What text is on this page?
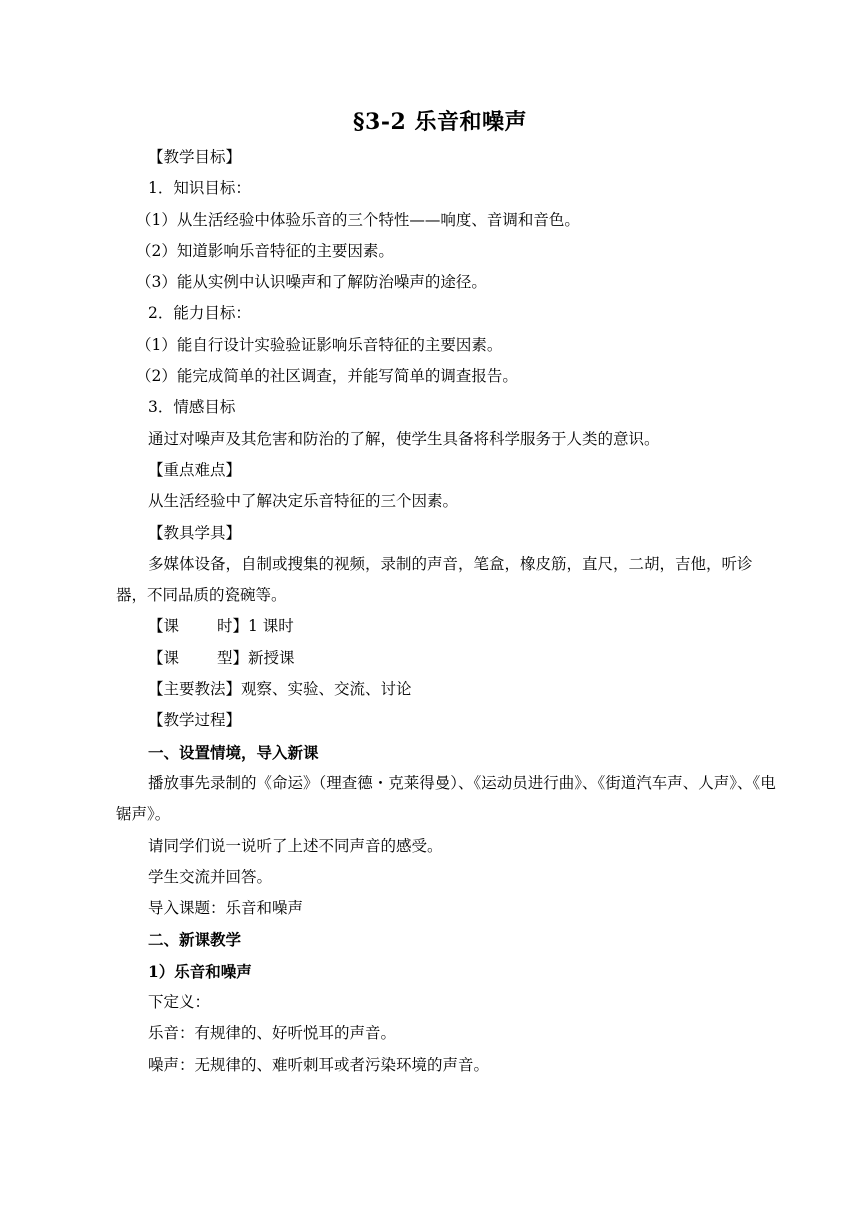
§3-2 乐音和噪声
【教学目标】
1．知识目标：
（1）从生活经验中体验乐音的三个特性——响度、音调和音色。
（2）知道影响乐音特征的主要因素。
（3）能从实例中认识噪声和了解防治噪声的途径。
2．能力目标：
（1）能自行设计实验验证影响乐音特征的主要因素。
（2）能完成简单的社区调查，并能写简单的调查报告。
3．情感目标
通过对噪声及其危害和防治的了解，使学生具备将科学服务于人类的意识。
【重点难点】
从生活经验中了解决定乐音特征的三个因素。
【教具学具】
多媒体设备，自制或搜集的视频，录制的声音，笔盒，橡皮筋，直尺，二胡，吉他，听诊器，不同品质的瓷碗等。
【课 时】1 课时
【课 型】新授课
【主要教法】观察、实验、交流、讨论
【教学过程】
一、设置情境，导入新课
播放事先录制的《命运》（理查德・克莱得曼）、《运动员进行曲》、《街道汽车声、人声》、《电锯声》。
请同学们说一说听了上述不同声音的感受。
学生交流并回答。
导入课题：乐音和噪声
二、新课教学
1）乐音和噪声
下定义：
乐音：有规律的、好听悦耳的声音。
噪声：无规律的、难听刺耳或者污染环境的声音。
